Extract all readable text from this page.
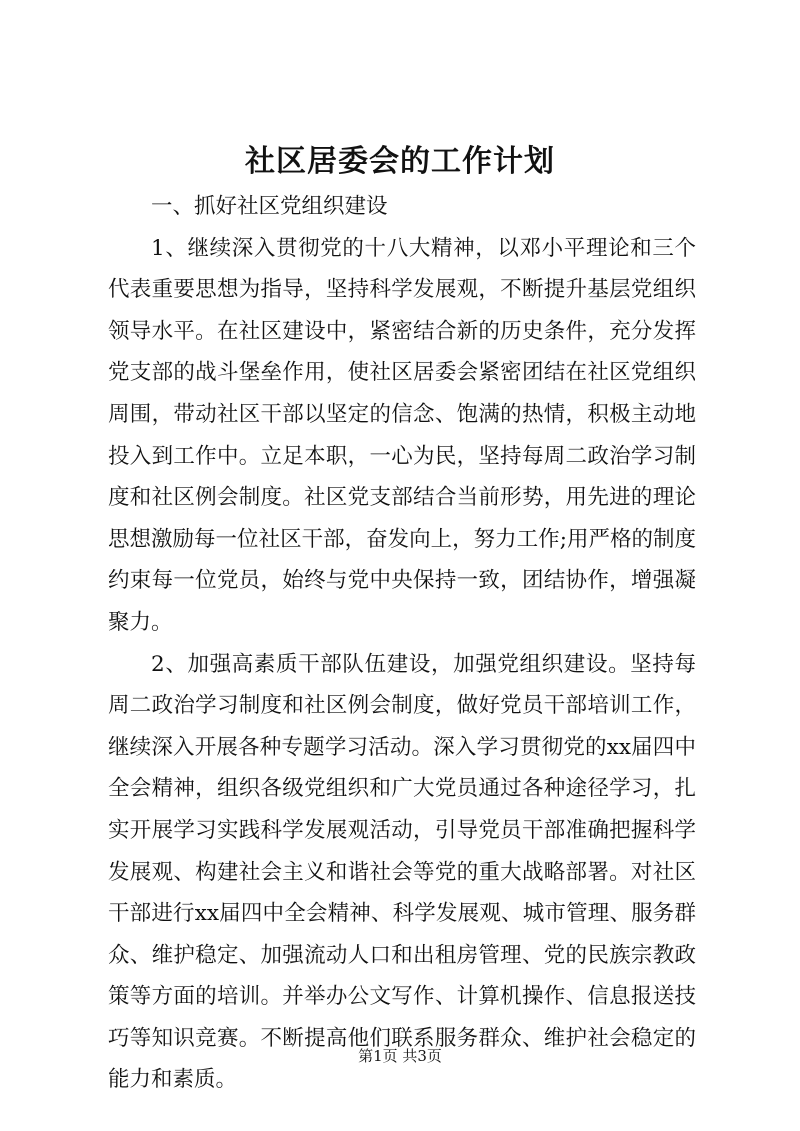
社区居委会的工作计划

一、抓好社区党组织建设

1、继续深入贯彻党的十八大精神，以邓小平理论和三个代表重要思想为指导，坚持科学发展观，不断提升基层党组织领导水平。在社区建设中，紧密结合新的历史条件，充分发挥党支部的战斗堡垒作用，使社区居委会紧密团结在社区党组织周围，带动社区干部以坚定的信念、饱满的热情，积极主动地投入到工作中。立足本职，一心为民，坚持每周二政治学习制度和社区例会制度。社区党支部结合当前形势，用先进的理论思想激励每一位社区干部，奋发向上，努力工作;用严格的制度约束每一位党员，始终与党中央保持一致，团结协作，增强凝聚力。

2、加强高素质干部队伍建设，加强党组织建设。坚持每周二政治学习制度和社区例会制度，做好党员干部培训工作，继续深入开展各种专题学习活动。深入学习贯彻党的xx届四中全会精神，组织各级党组织和广大党员通过各种途径学习，扎实开展学习实践科学发展观活动，引导党员干部准确把握科学发展观、构建社会主义和谐社会等党的重大战略部署。对社区干部进行xx届四中全会精神、科学发展观、城市管理、服务群众、维护稳定、加强流动人口和出租房管理、党的民族宗教政策等方面的培训。并举办公文写作、计算机操作、信息报送技巧等知识竞赛。不断提高他们联系服务群众、维护社会稳定的能力和素质。

第1页 共3页
